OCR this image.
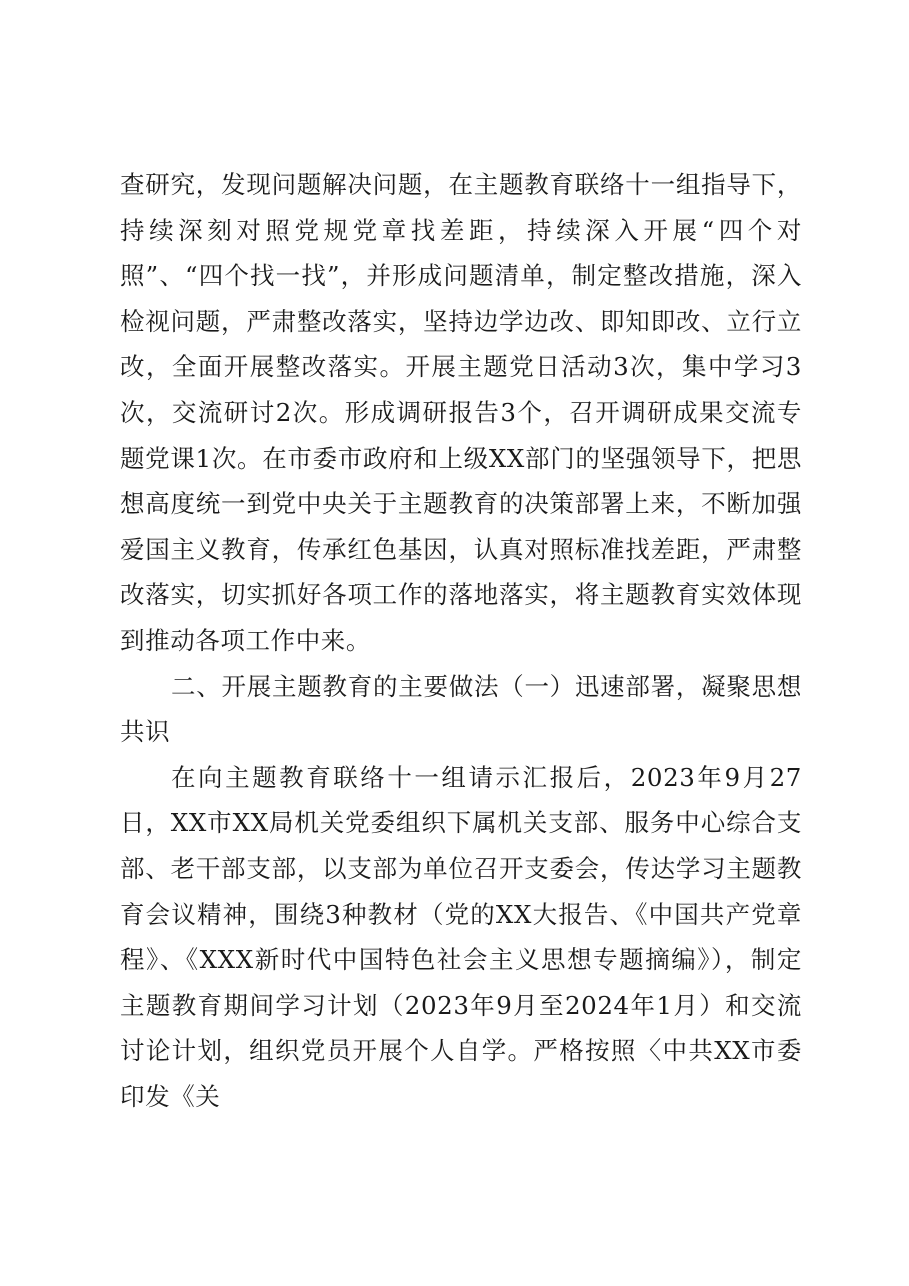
查研究，发现问题解决问题，在主题教育联络十一组指导下，持续深刻对照党规党章找差距，持续深入开展“四个对照”、“四个找一找”，并形成问题清单，制定整改措施，深入检视问题，严肃整改落实，坚持边学边改、即知即改、立行立改，全面开展整改落实。开展主题党日活动3次，集中学习3次，交流研讨2次。形成调研报告3个，召开调研成果交流专题党课1次。在市委市政府和上级XX部门的坚强领导下，把思想高度统一到党中央关于主题教育的决策部署上来，不断加强爱国主义教育，传承红色基因，认真对照标准找差距，严肃整改落实，切实抓好各项工作的落地落实，将主题教育实效体现到推动各项工作中来。

二、开展主题教育的主要做法（一）迅速部署，凝聚思想共识

在向主题教育联络十一组请示汇报后，2023年9月27日，XX市XX局机关党委组织下属机关支部、服务中心综合支部、老干部支部，以支部为单位召开支委会，传达学习主题教育会议精神，围绕3种教材（党的XX大报告、《中国共产党章程》、《XXX新时代中国特色社会主义思想专题摘编》），制定主题教育期间学习计划（2023年9月至2024年1月）和交流讨论计划，组织党员开展个人自学。严格按照〈中共XX市委印发《关
